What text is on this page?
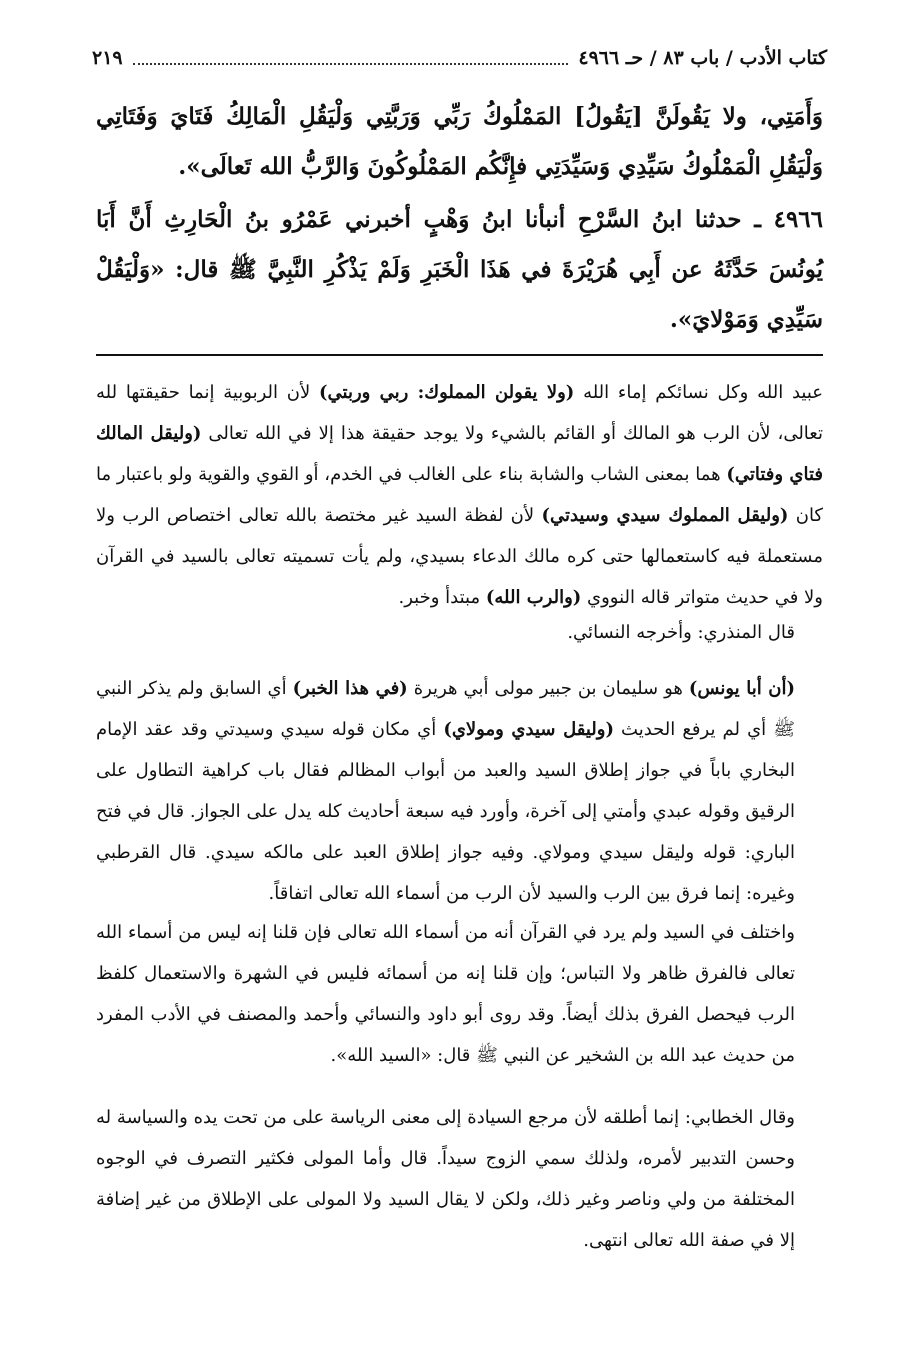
كتاب الأدب / باب ٨٣ / حـ ٤٩٦٦
٢١٩
وَأَمَتِي، ولا يَقُولَنَّ [يَقُولُ] المَمْلُوكُ رَبِّي وَرَبَّتِي وَلْيَقُلِ الْمَالِكُ فَتَايَ وَفَتَاتِي وَلْيَقُلِ الْمَمْلُوكُ سَيِّدِي وَسَيِّدَتِي فإِنَّكُم المَمْلُوكُونَ وَالرَّبُّ الله تَعالَى».
٤٩٦٦ ـ حدثنا ابنُ السَّرْحِ أنبأنا ابنُ وَهْبٍ أخبرني عَمْرُو بنُ الْحَارِثِ أَنَّ أَبَا يُونُسَ حَدَّثَهُ عن أَبِي هُرَيْرَةَ في هَذَا الْخَبَرِ وَلَمْ يَذْكُرِ النَّبِيَّ ﷺ قال: «وَلْيَقُلْ سَيِّدِي وَمَوْلايَ».
عبيد الله وكل نسائكم إماء الله (ولا يقولن المملوك: ربي وربتي) لأن الربوبية إنما حقيقتها لله تعالى، لأن الرب هو المالك أو القائم بالشيء ولا يوجد حقيقة هذا إلا في الله تعالى (وليقل المالك فتاي وفتاتي) هما بمعنى الشاب والشابة بناء على الغالب في الخدم، أو القوي والقوية ولو باعتبار ما كان (وليقل المملوك سيدي وسيدتي) لأن لفظة السيد غير مختصة بالله تعالى اختصاص الرب ولا مستعملة فيه كاستعمالها حتى كره مالك الدعاء بسيدي، ولم يأت تسميته تعالى بالسيد في القرآن ولا في حديث متواتر قاله النووي (والرب الله) مبتدأ وخبر.
قال المنذري: وأخرجه النسائي.
(أن أبا يونس) هو سليمان بن جبير مولى أبي هريرة (في هذا الخبر) أي السابق ولم يذكر النبي ﷺ أي لم يرفع الحديث (وليقل سيدي ومولاي) أي مكان قوله سيدي وسيدتي وقد عقد الإمام البخاري باباً في جواز إطلاق السيد والعبد من أبواب المظالم فقال باب كراهية التطاول على الرقيق وقوله عبدي وأمتي إلى آخرة، وأورد فيه سبعة أحاديث كله يدل على الجواز. قال في فتح الباري: قوله وليقل سيدي ومولاي. وفيه جواز إطلاق العبد على مالكه سيدي. قال القرطبي وغيره: إنما فرق بين الرب والسيد لأن الرب من أسماء الله تعالى اتفاقاً.
واختلف في السيد ولم يرد في القرآن أنه من أسماء الله تعالى فإن قلنا إنه ليس من أسماء الله تعالى فالفرق ظاهر ولا التباس؛ وإن قلنا إنه من أسمائه فليس في الشهرة والاستعمال كلفظ الرب فيحصل الفرق بذلك أيضاً. وقد روى أبو داود والنسائي وأحمد والمصنف في الأدب المفرد من حديث عبد الله بن الشخير عن النبي ﷺ قال: «السيد الله».
وقال الخطابي: إنما أطلقه لأن مرجع السيادة إلى معنى الرياسة على من تحت يده والسياسة له وحسن التدبير لأمره، ولذلك سمي الزوج سيداً. قال وأما المولى فكثير التصرف في الوجوه المختلفة من ولي وناصر وغير ذلك، ولكن لا يقال السيد ولا المولى على الإطلاق من غير إضافة إلا في صفة الله تعالى انتهى.
